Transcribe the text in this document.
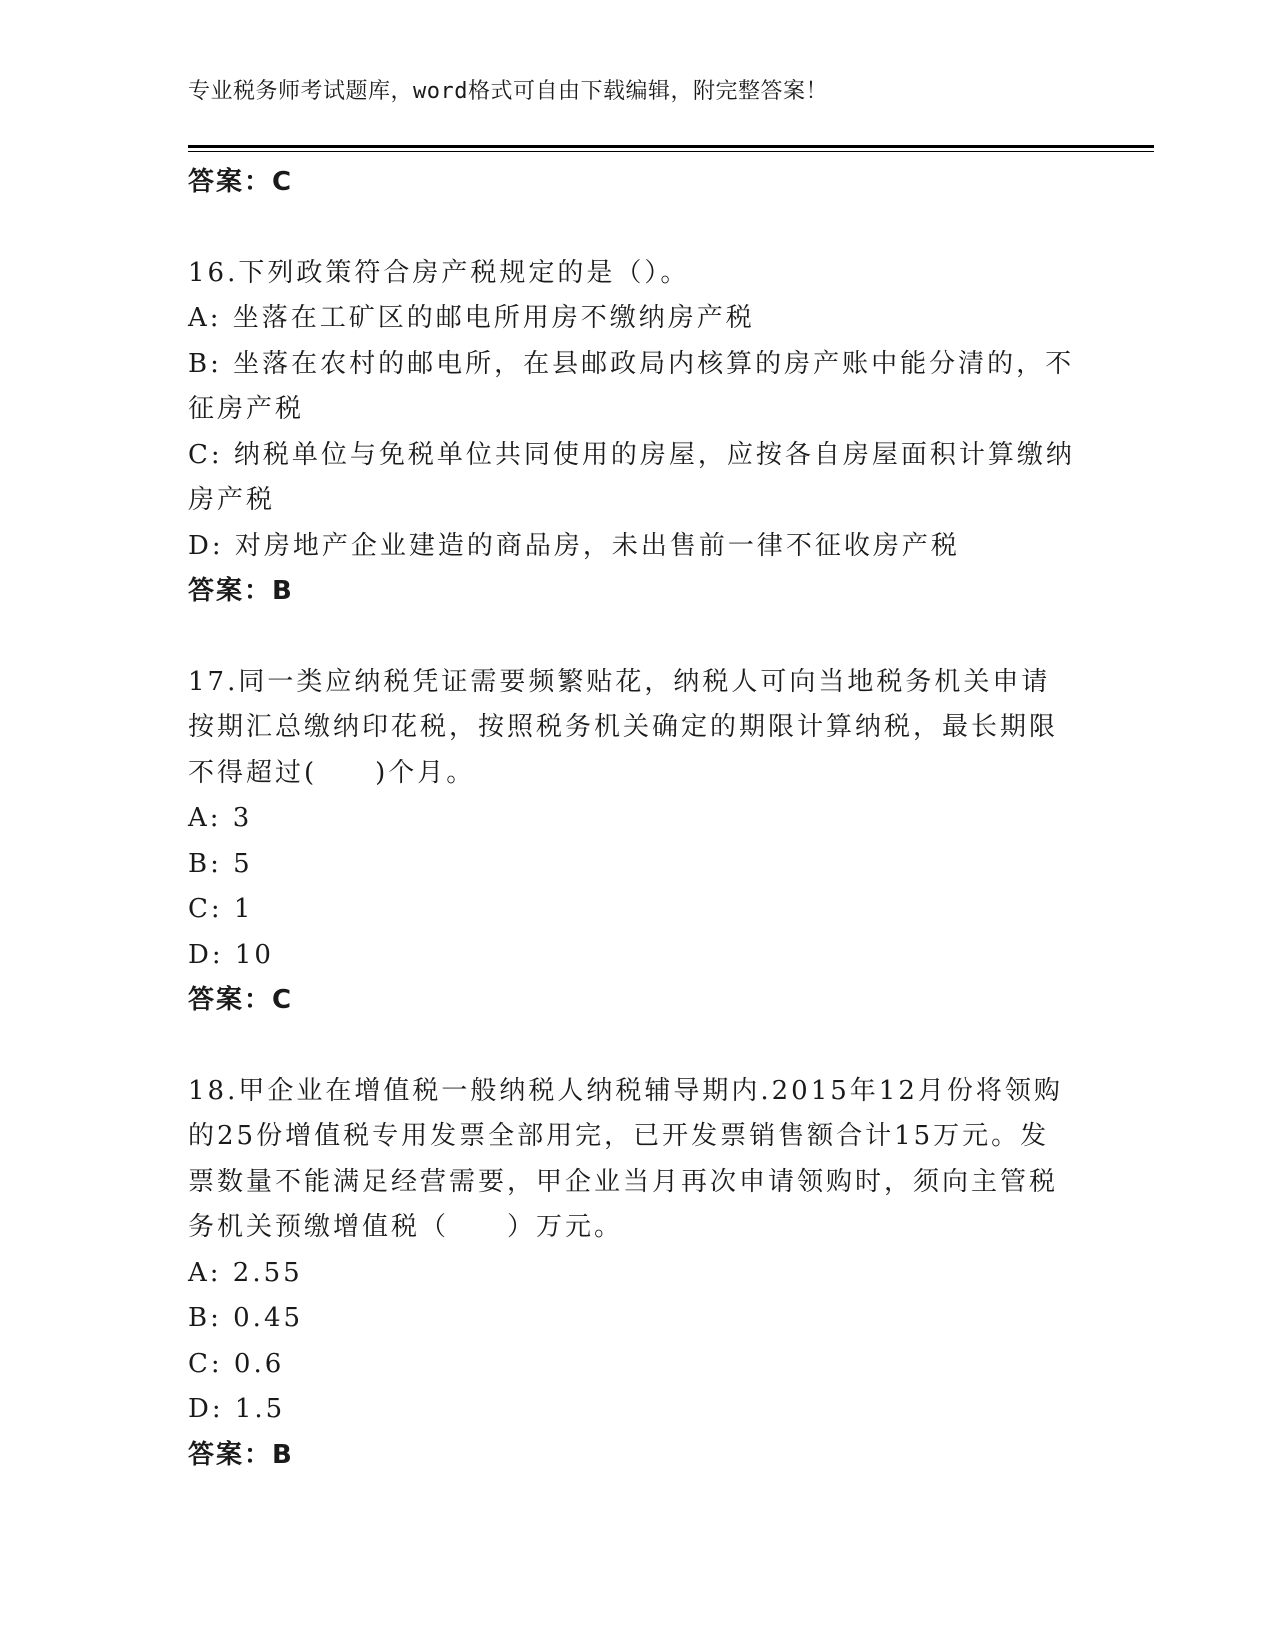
专业税务师考试题库，word格式可自由下载编辑，附完整答案！

答案：C

16.下列政策符合房产税规定的是（）。

A: 坐落在工矿区的邮电所用房不缴纳房产税

B: 坐落在农村的邮电所，在县邮政局内核算的房产账中能分清的，不征房产税

C: 纳税单位与免税单位共同使用的房屋，应按各自房屋面积计算缴纳房产税

D: 对房地产企业建造的商品房，未出售前一律不征收房产税

答案：B

17.同一类应纳税凭证需要频繁贴花，纳税人可向当地税务机关申请按期汇总缴纳印花税，按照税务机关确定的期限计算纳税，最长期限不得超过(　　)个月。

A: 3

B: 5

C: 1

D: 10

答案：C

18.甲企业在增值税一般纳税人纳税辅导期内.2015年12月份将领购的25份增值税专用发票全部用完，已开发票销售额合计15万元。发票数量不能满足经营需要，甲企业当月再次申请领购时，须向主管税务机关预缴增值税（　　）万元。

A: 2.55

B: 0.45

C: 0.6

D: 1.5

答案：B
